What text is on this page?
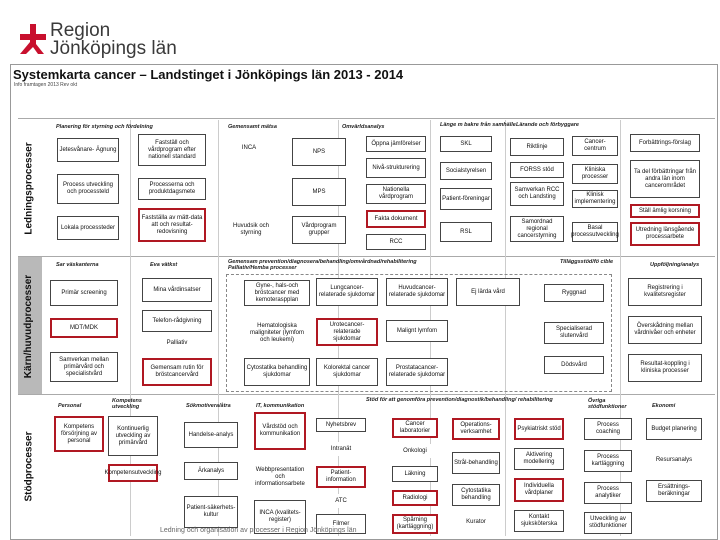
Region
Jönköpings län
Systemkarta cancer – Landstinget i Jönköpings län 2013 - 2014
Info framtagen 2013 Rev okt
Ledningsprocesser
Kärn/huvudprocesser
Stödprocesser
Planering för styrning och fördelning	Gemensamt mätsa	Omvärldsanalys	Länge m bakre från samhälle Lärande och förbyggare
Jetesvånare- Ägnung
Process utveckling och processteld
Lokala processteder
Fastställ och vårdprogram efter nationell standard
Processerna och produktdagsmete
Fastställa av mätt-data att och resultat-redovisning
Huvudsik och styrning
INCA
NPS
MPS
Vårdprogram grupper
Öppna jämförelser
Nivå-strukturering
Nationella vårdprogram
Fakta dokument
RCC
SKL
Socialstyrelsen
Patient-föreningar
RSL
Riktlinje
FORSS stöd
Samverkan RCC och Landsting
Samordnad regional cancerstyrning
Cancer-centrum
Kliniska processer
Klinisk implementering
Basal processutveckling
Forbättrings-förslag
Ta del förbättringar från andra län inom cancerområdet
Ställ ämlig korsning
Utredning länsgående processarbete
Sar väskanterna	Eva vätkst	Gemensam prevention/diagnosera/behandling/omvårdnad/rehabilitering Palliativ/Hemba processer
Tilläggsstöd/fö cible	Uppföljning/analys
Primär screening
MDT/MDK
Samverkan mellan primärvård och specialistvård
Mina vårdinsatser
Telefon-rådgivning
Palliativ
Gemensam rutin för bröstcancervård
Gyne-, hals-och bröstcancer med kemoteraspplan
Hematologiska maligniteter (lymfom och leukemi)
Cytostatika behandling sjukdomar
Lungcancer-relaterade sjukdomar
Urotecancer-relaterade sjukdomar
Kolorektal cancer sjukdomar
Huvudcancer-relaterade sjukdomar
Malignt lymfom
Prostatacancer-relaterade sjukdomar
Ej lärda vård	Ryggnad
Specialiserad slutenvård
Dödsvård
Registrering i kvalitetsregister
Överskådning mellan vårdnivåer och enheter
Resultat-koppling i kliniska processer
Personal
Kompetens utveckling	Sökmotivera/åtra	IT, kommunikation
Stöd för att genomföra prevention/diagnostik/behandling/ rehabilitering	Övriga stödfunktioner	Ekonomi
Kompetens försörjning av personal
Kompetensutveckling
Kontinuerlig utveckling av primärvård
Handelse-analys
Ärkanalys
Patient-säkerhets-kultur
Vårdstöd och kommunikation
Webbpresentation och informationsarbete
INCA (kvalitets-register)
Nyhetsbrev
Intranät
Patient-information
ATC
Filmer
Cancer laboratorier
Onkologi
Läkning
Radiologi
Spårning (kartläggning)
Operations-verksamhet
Strål-behandling
Cytostatika behandling
Kurator
Psykiatriskt stöd
Aktivering modellering
Individuella vårdplaner
Kontakt sjuksköterska
Process coaching
Process kartläggning
Process analytiker
Utveckling av stödfunktioner
Budget planering
Resursanalys
Ersättnings-beräkningar
Ledning och organisation av processer i Region Jönköpings län
